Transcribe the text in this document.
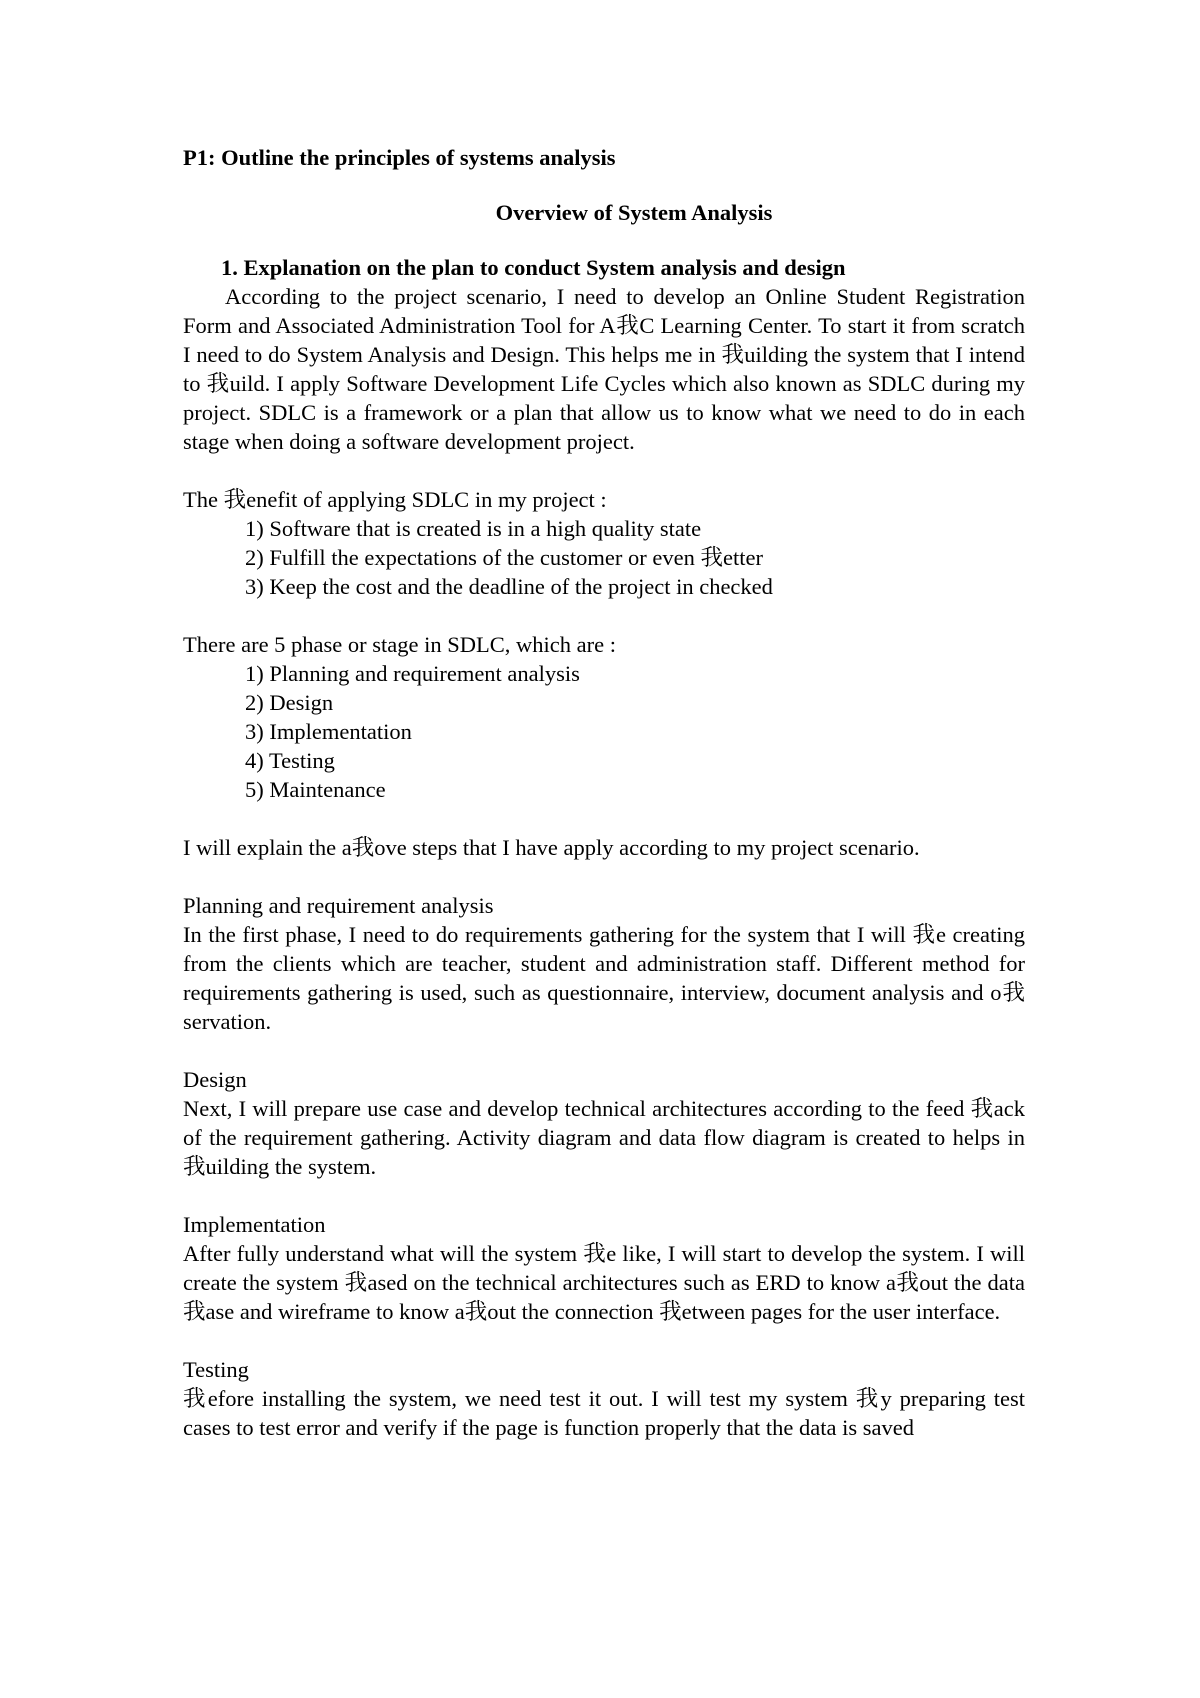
P1: Outline the principles of systems analysis

Overview of System Analysis

1. Explanation on the plan to conduct System analysis and design

According to the project scenario, I need to develop an Online Student Registration Form and Associated Administration Tool for A我C Learning Center. To start it from scratch I need to do System Analysis and Design. This helps me in 我uilding the system that I intend to 我uild. I apply Software Development Life Cycles which also known as SDLC during my project. SDLC is a framework or a plan that allow us to know what we need to do in each stage when doing a software development project.

The 我enefit of applying SDLC in my project :

1) Software that is created is in a high quality state
2) Fulfill the expectations of the customer or even 我etter
3) Keep the cost and the deadline of the project in checked

There are 5 phase or stage in SDLC, which are :

1) Planning and requirement analysis
2) Design
3) Implementation
4) Testing
5) Maintenance

I will explain the a我ove steps that I have apply according to my project scenario.

Planning and requirement analysis

In the first phase, I need to do requirements gathering for the system that I will 我e creating from the clients which are teacher, student and administration staff. Different method for requirements gathering is used, such as questionnaire, interview, document analysis and o我servation.

Design

Next, I will prepare use case and develop technical architectures according to the feed 我ack of the requirement gathering. Activity diagram and data flow diagram is created to helps in 我uilding the system.

Implementation

After fully understand what will the system 我e like, I will start to develop the system. I will create the system 我ased on the technical architectures such as ERD to know a我out the data我ase and wireframe to know a我out the connection 我etween pages for the user interface.

Testing

我efore installing the system, we need test it out. I will test my system 我y preparing test cases to test error and verify if the page is function properly that the data is saved
